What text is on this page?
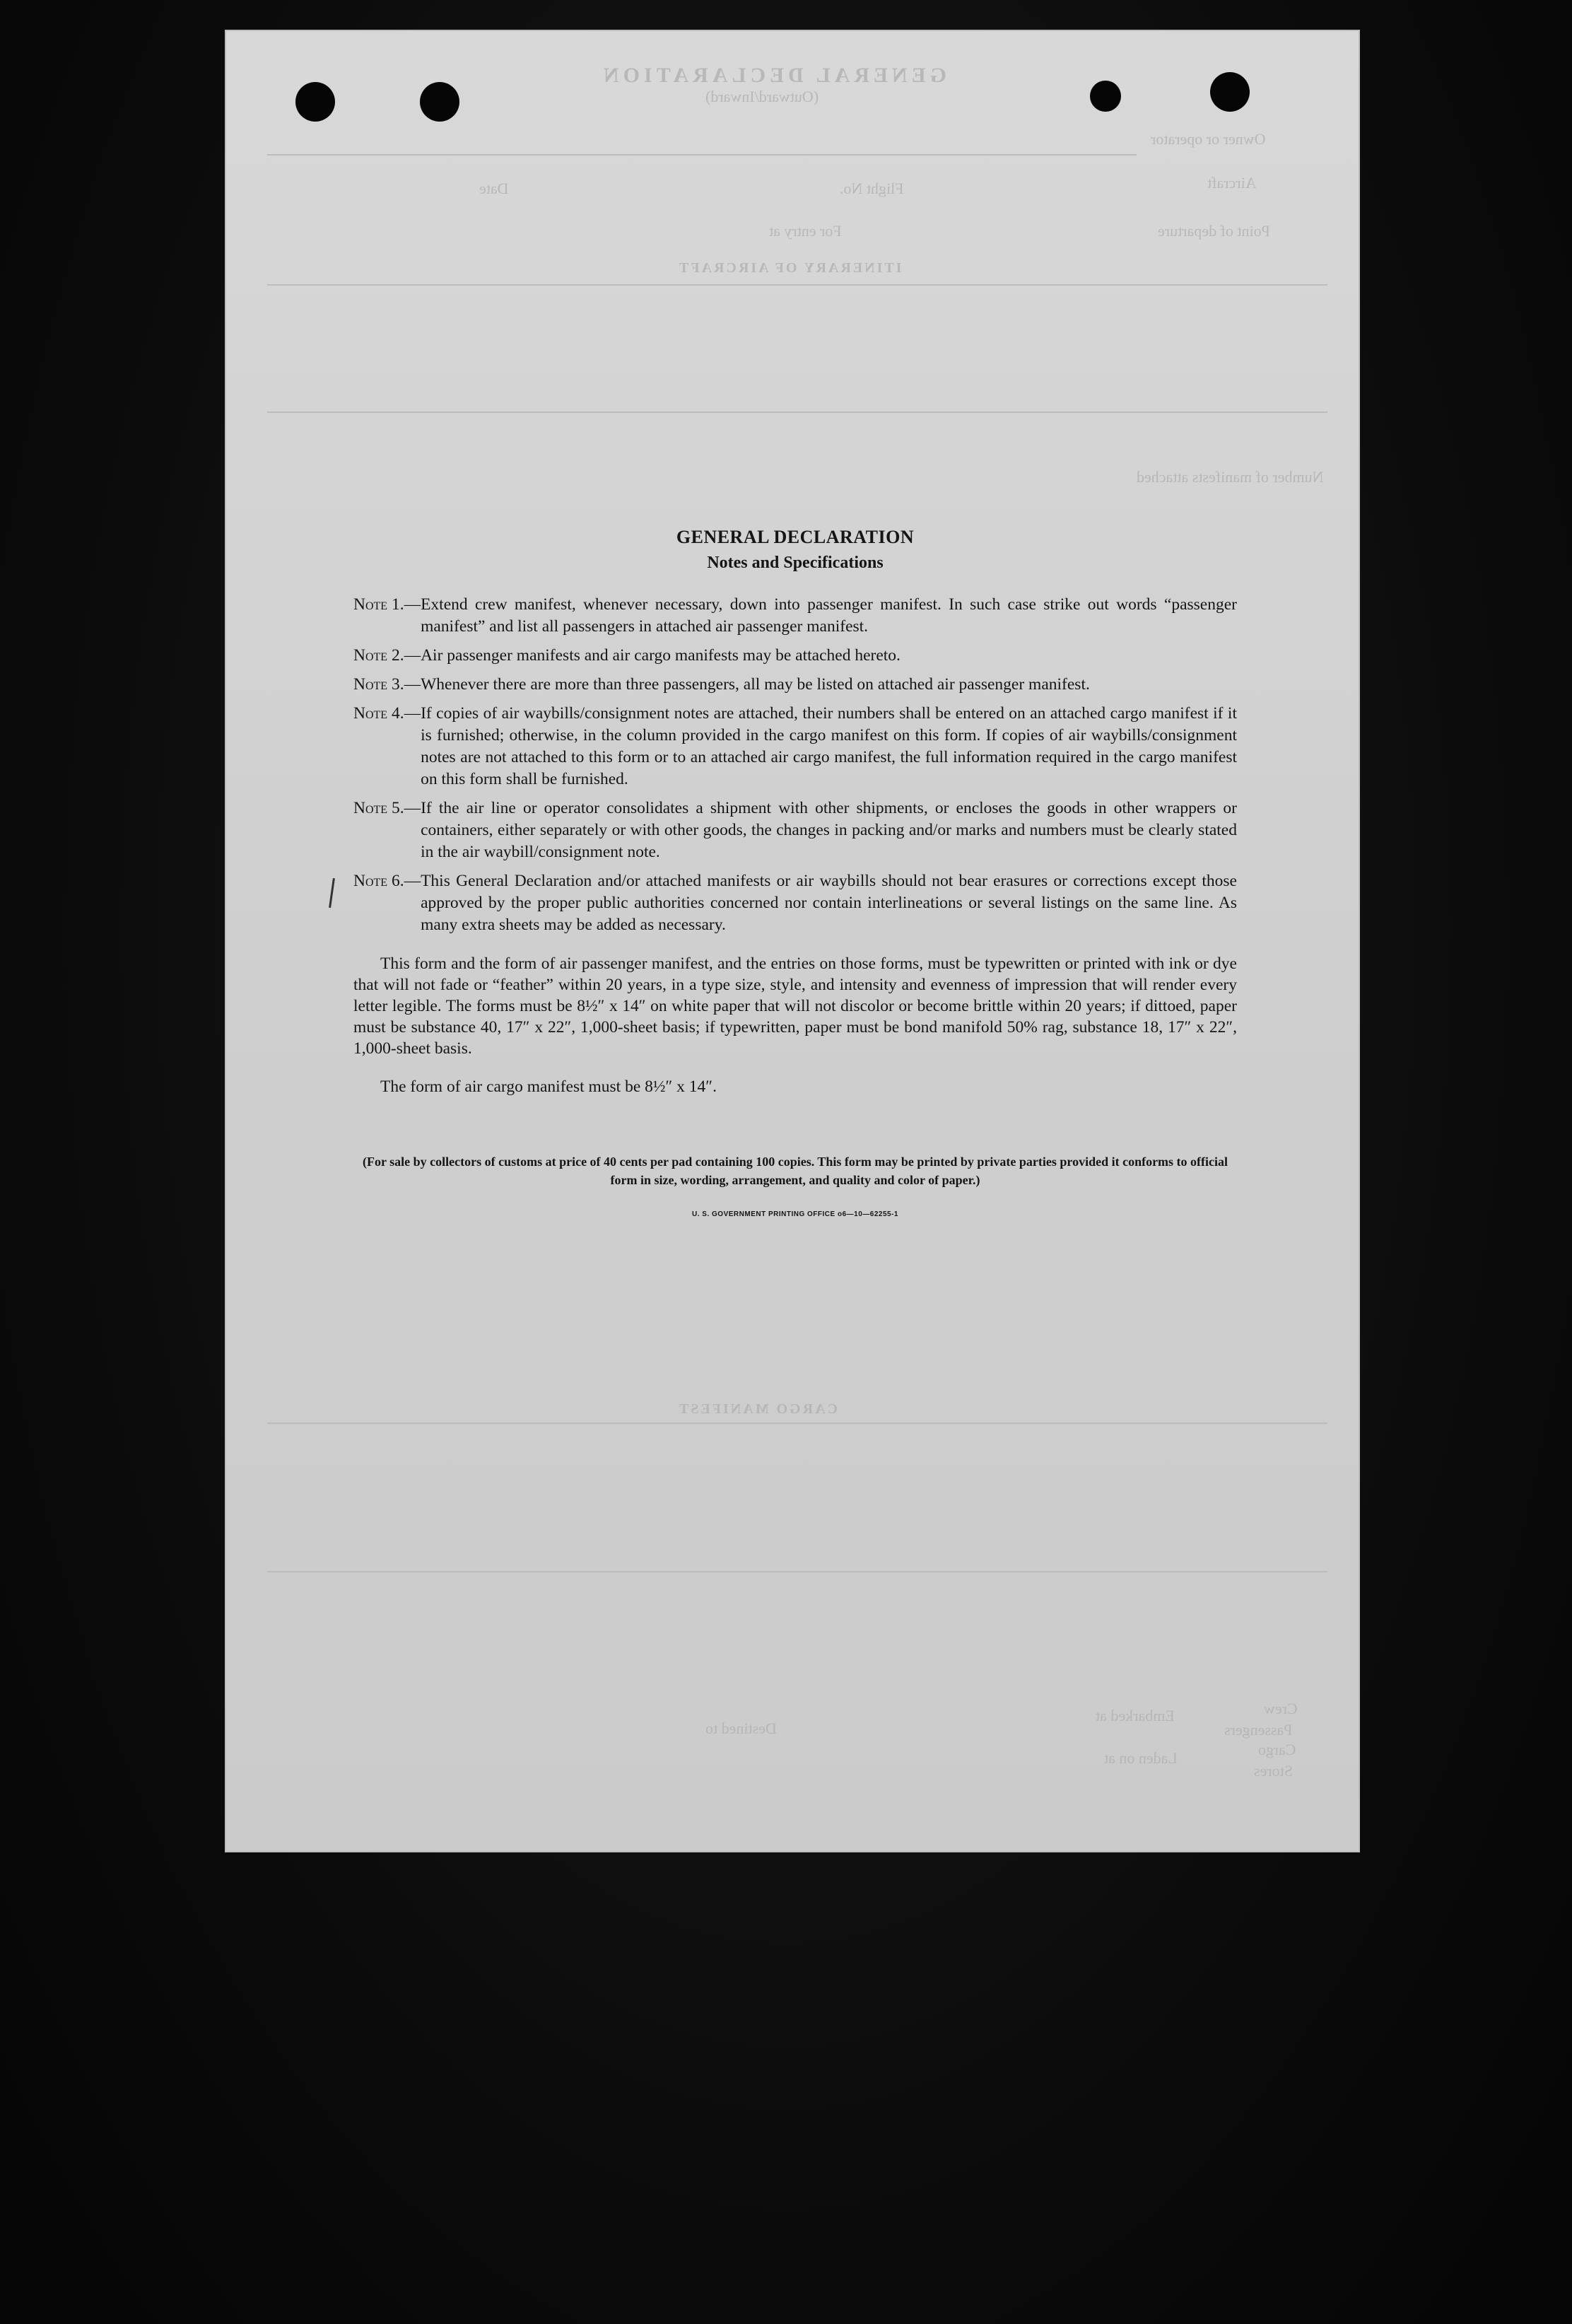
GENERAL DECLARATION
(Outward/Inward)
Owner or operator
Aircraft
Flight No.
Date
Point of departure
For entry at
ITINERARY OF AIRCRAFT
Number of manifests attached
CARGO MANIFEST
Crew
Passengers
Cargo
Stores
Embarked at
Laden on at
Destined to
GENERAL DECLARATION
Notes and Specifications
Note 1.— Extend crew manifest, whenever necessary, down into passenger manifest. In such case strike out words “passenger manifest” and list all passengers in attached air passenger manifest.
Note 2.— Air passenger manifests and air cargo manifests may be attached hereto.
Note 3.— Whenever there are more than three passengers, all may be listed on attached air passenger manifest.
Note 4.— If copies of air waybills/consignment notes are attached, their numbers shall be entered on an attached cargo manifest if it is furnished; otherwise, in the column provided in the cargo manifest on this form. If copies of air waybills/consignment notes are not attached to this form or to an attached air cargo manifest, the full information required in the cargo manifest on this form shall be furnished.
Note 5.— If the air line or operator consolidates a shipment with other shipments, or encloses the goods in other wrappers or containers, either separately or with other goods, the changes in packing and/or marks and numbers must be clearly stated in the air waybill/consignment note.
Note 6.— This General Declaration and/or attached manifests or air waybills should not bear erasures or corrections except those approved by the proper public authorities concerned nor contain interlineations or several listings on the same line. As many extra sheets may be added as necessary.

This form and the form of air passenger manifest, and the entries on those forms, must be typewritten or printed with ink or dye that will not fade or “feather” within 20 years, in a type size, style, and intensity and evenness of impression that will render every letter legible. The forms must be 8½″ x 14″ on white paper that will not discolor or become brittle within 20 years; if dittoed, paper must be substance 40, 17″ x 22″, 1,000-sheet basis; if typewritten, paper must be bond manifold 50% rag, substance 18, 17″ x 22″, 1,000-sheet basis.

The form of air cargo manifest must be 8½″ x 14″.
(For sale by collectors of customs at price of 40 cents per pad containing 100 copies. This form may be printed by private parties provided it conforms to official form in size, wording, arrangement, and quality and color of paper.)
U. S. GOVERNMENT PRINTING OFFICE o6—10—62255-1
